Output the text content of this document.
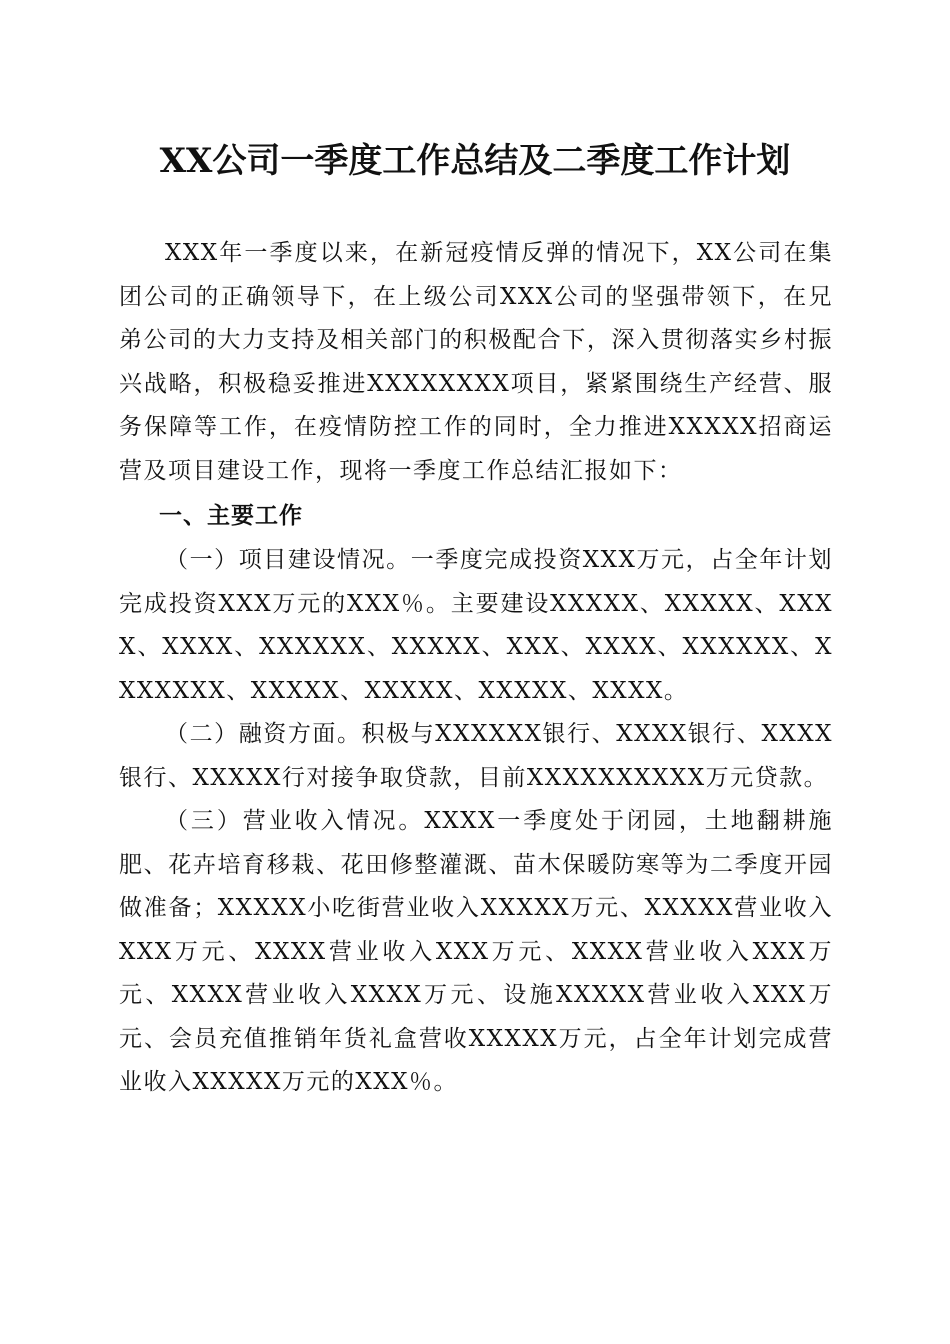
XX公司一季度工作总结及二季度工作计划

XXX年一季度以来，在新冠疫情反弹的情况下，XX公司在集团公司的正确领导下，在上级公司XXX公司的坚强带领下，在兄弟公司的大力支持及相关部门的积极配合下，深入贯彻落实乡村振兴战略，积极稳妥推进XXXXXXXX项目，紧紧围绕生产经营、服务保障等工作，在疫情防控工作的同时，全力推进XXXXX招商运营及项目建设工作，现将一季度工作总结汇报如下：

一、主要工作

（一）项目建设情况。一季度完成投资XXX万元，占全年计划完成投资XXX万元的XXX％。主要建设XXXXX、XXXXX、XXXX、XXXX、XXXXXX、XXXXX、XXX、XXXX、XXXXXX、XXXXXXX、XXXXX、XXXXX、XXXXX、XXXX。

（二）融资方面。积极与XXXXXX银行、XXXX银行、XXXX银行、XXXXX行对接争取贷款，目前XXXXXXXXXX万元贷款。

（三）营业收入情况。XXXX一季度处于闭园，土地翻耕施肥、花卉培育移栽、花田修整灌溉、苗木保暖防寒等为二季度开园做准备；XXXXX小吃街营业收入XXXXX万元、XXXXX营业收入XXX万元、XXXX营业收入XXX万元、XXXX营业收入XXX万元、XXXX营业收入XXXX万元、设施XXXXX营业收入XXX万元、会员充值推销年货礼盒营收XXXXX万元，占全年计划完成营业收入XXXXX万元的XXX％。
